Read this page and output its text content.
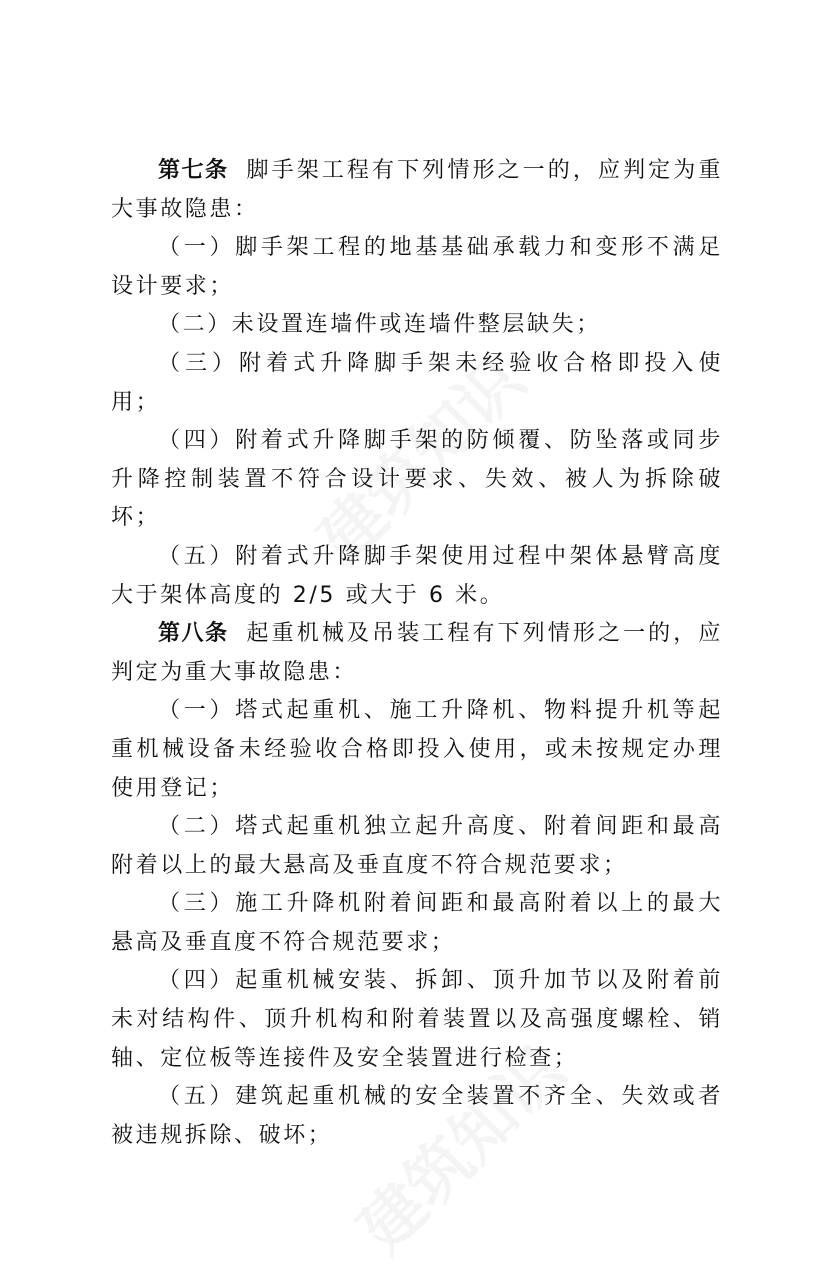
第七条 脚手架工程有下列情形之一的，应判定为重大事故隐患：

（一）脚手架工程的地基基础承载力和变形不满足设计要求；

（二）未设置连墙件或连墙件整层缺失；

（三）附着式升降脚手架未经验收合格即投入使用；

（四）附着式升降脚手架的防倾覆、防坠落或同步升降控制装置不符合设计要求、失效、被人为拆除破坏；

（五）附着式升降脚手架使用过程中架体悬臂高度大于架体高度的 2/5 或大于 6 米。

第八条 起重机械及吊装工程有下列情形之一的，应判定为重大事故隐患：

（一）塔式起重机、施工升降机、物料提升机等起重机械设备未经验收合格即投入使用，或未按规定办理使用登记；

（二）塔式起重机独立起升高度、附着间距和最高附着以上的最大悬高及垂直度不符合规范要求；

（三）施工升降机附着间距和最高附着以上的最大悬高及垂直度不符合规范要求；

（四）起重机械安装、拆卸、顶升加节以及附着前未对结构件、顶升机构和附着装置以及高强度螺栓、销轴、定位板等连接件及安全装置进行检查；

（五）建筑起重机械的安全装置不齐全、失效或者被违规拆除、破坏；
